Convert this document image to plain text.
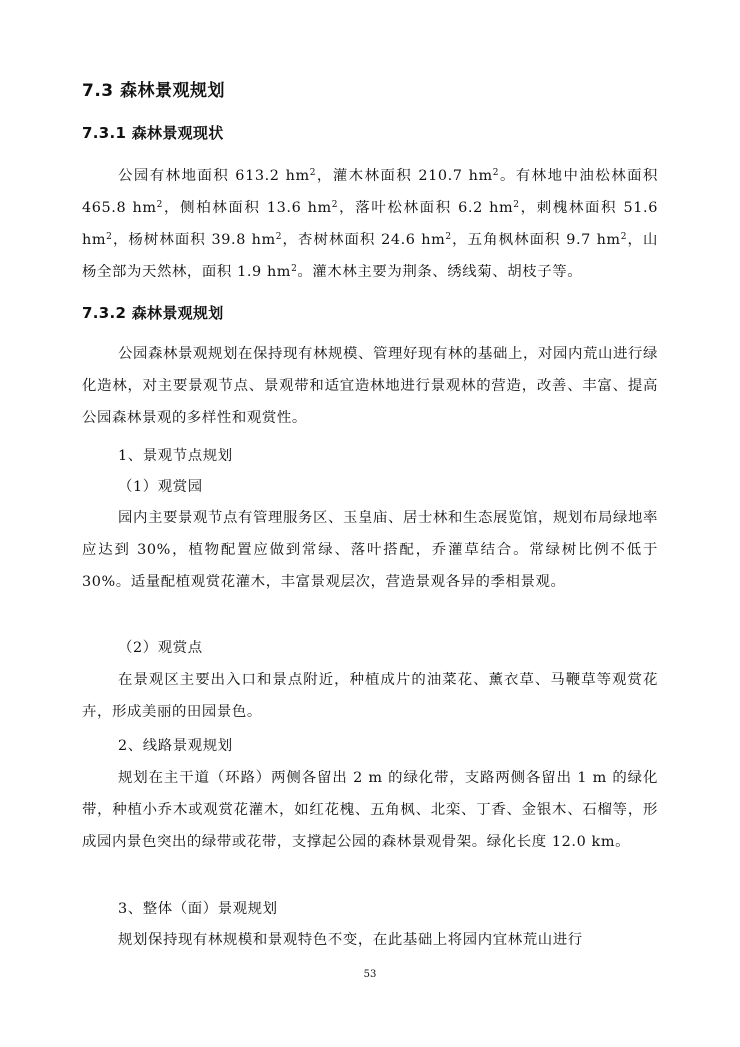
7.3 森林景观规划
7.3.1 森林景观现状
公园有林地面积 613.2 $hm^2$，灌木林面积 210.7 $hm^2$。有林地中油松林面积 465.8 $hm^2$，侧柏林面积 13.6 $hm^2$，落叶松林面积 6.2 $hm^2$，刺槐林面积 51.6 $hm^2$，杨树林面积 39.8 $hm^2$，杏树林面积 24.6 $hm^2$，五角枫林面积 9.7 $hm^2$，山杨全部为天然林，面积 1.9 $hm^2$。灌木林主要为荆条、绣线菊、胡枝子等。
7.3.2 森林景观规划
公园森林景观规划在保持现有林规模、管理好现有林的基础上，对园内荒山进行绿化造林，对主要景观节点、景观带和适宜造林地进行景观林的营造，改善、丰富、提高公园森林景观的多样性和观赏性。
1、景观节点规划
（1）观赏园
园内主要景观节点有管理服务区、玉皇庙、居士林和生态展览馆，规划布局绿地率应达到 30%，植物配置应做到常绿、落叶搭配，乔灌草结合。常绿树比例不低于 30%。适量配植观赏花灌木，丰富景观层次，营造景观各异的季相景观。
（2）观赏点
在景观区主要出入口和景点附近，种植成片的油菜花、薰衣草、马鞭草等观赏花卉，形成美丽的田园景色。
2、线路景观规划
规划在主干道（环路）两侧各留出 2 m 的绿化带，支路两侧各留出 1 m 的绿化带，种植小乔木或观赏花灌木，如红花槐、五角枫、北栾、丁香、金银木、石榴等，形成园内景色突出的绿带或花带，支撑起公园的森林景观骨架。绿化长度 12.0 km。
3、整体（面）景观规划
规划保持现有林规模和景观特色不变，在此基础上将园内宜林荒山进行
53
